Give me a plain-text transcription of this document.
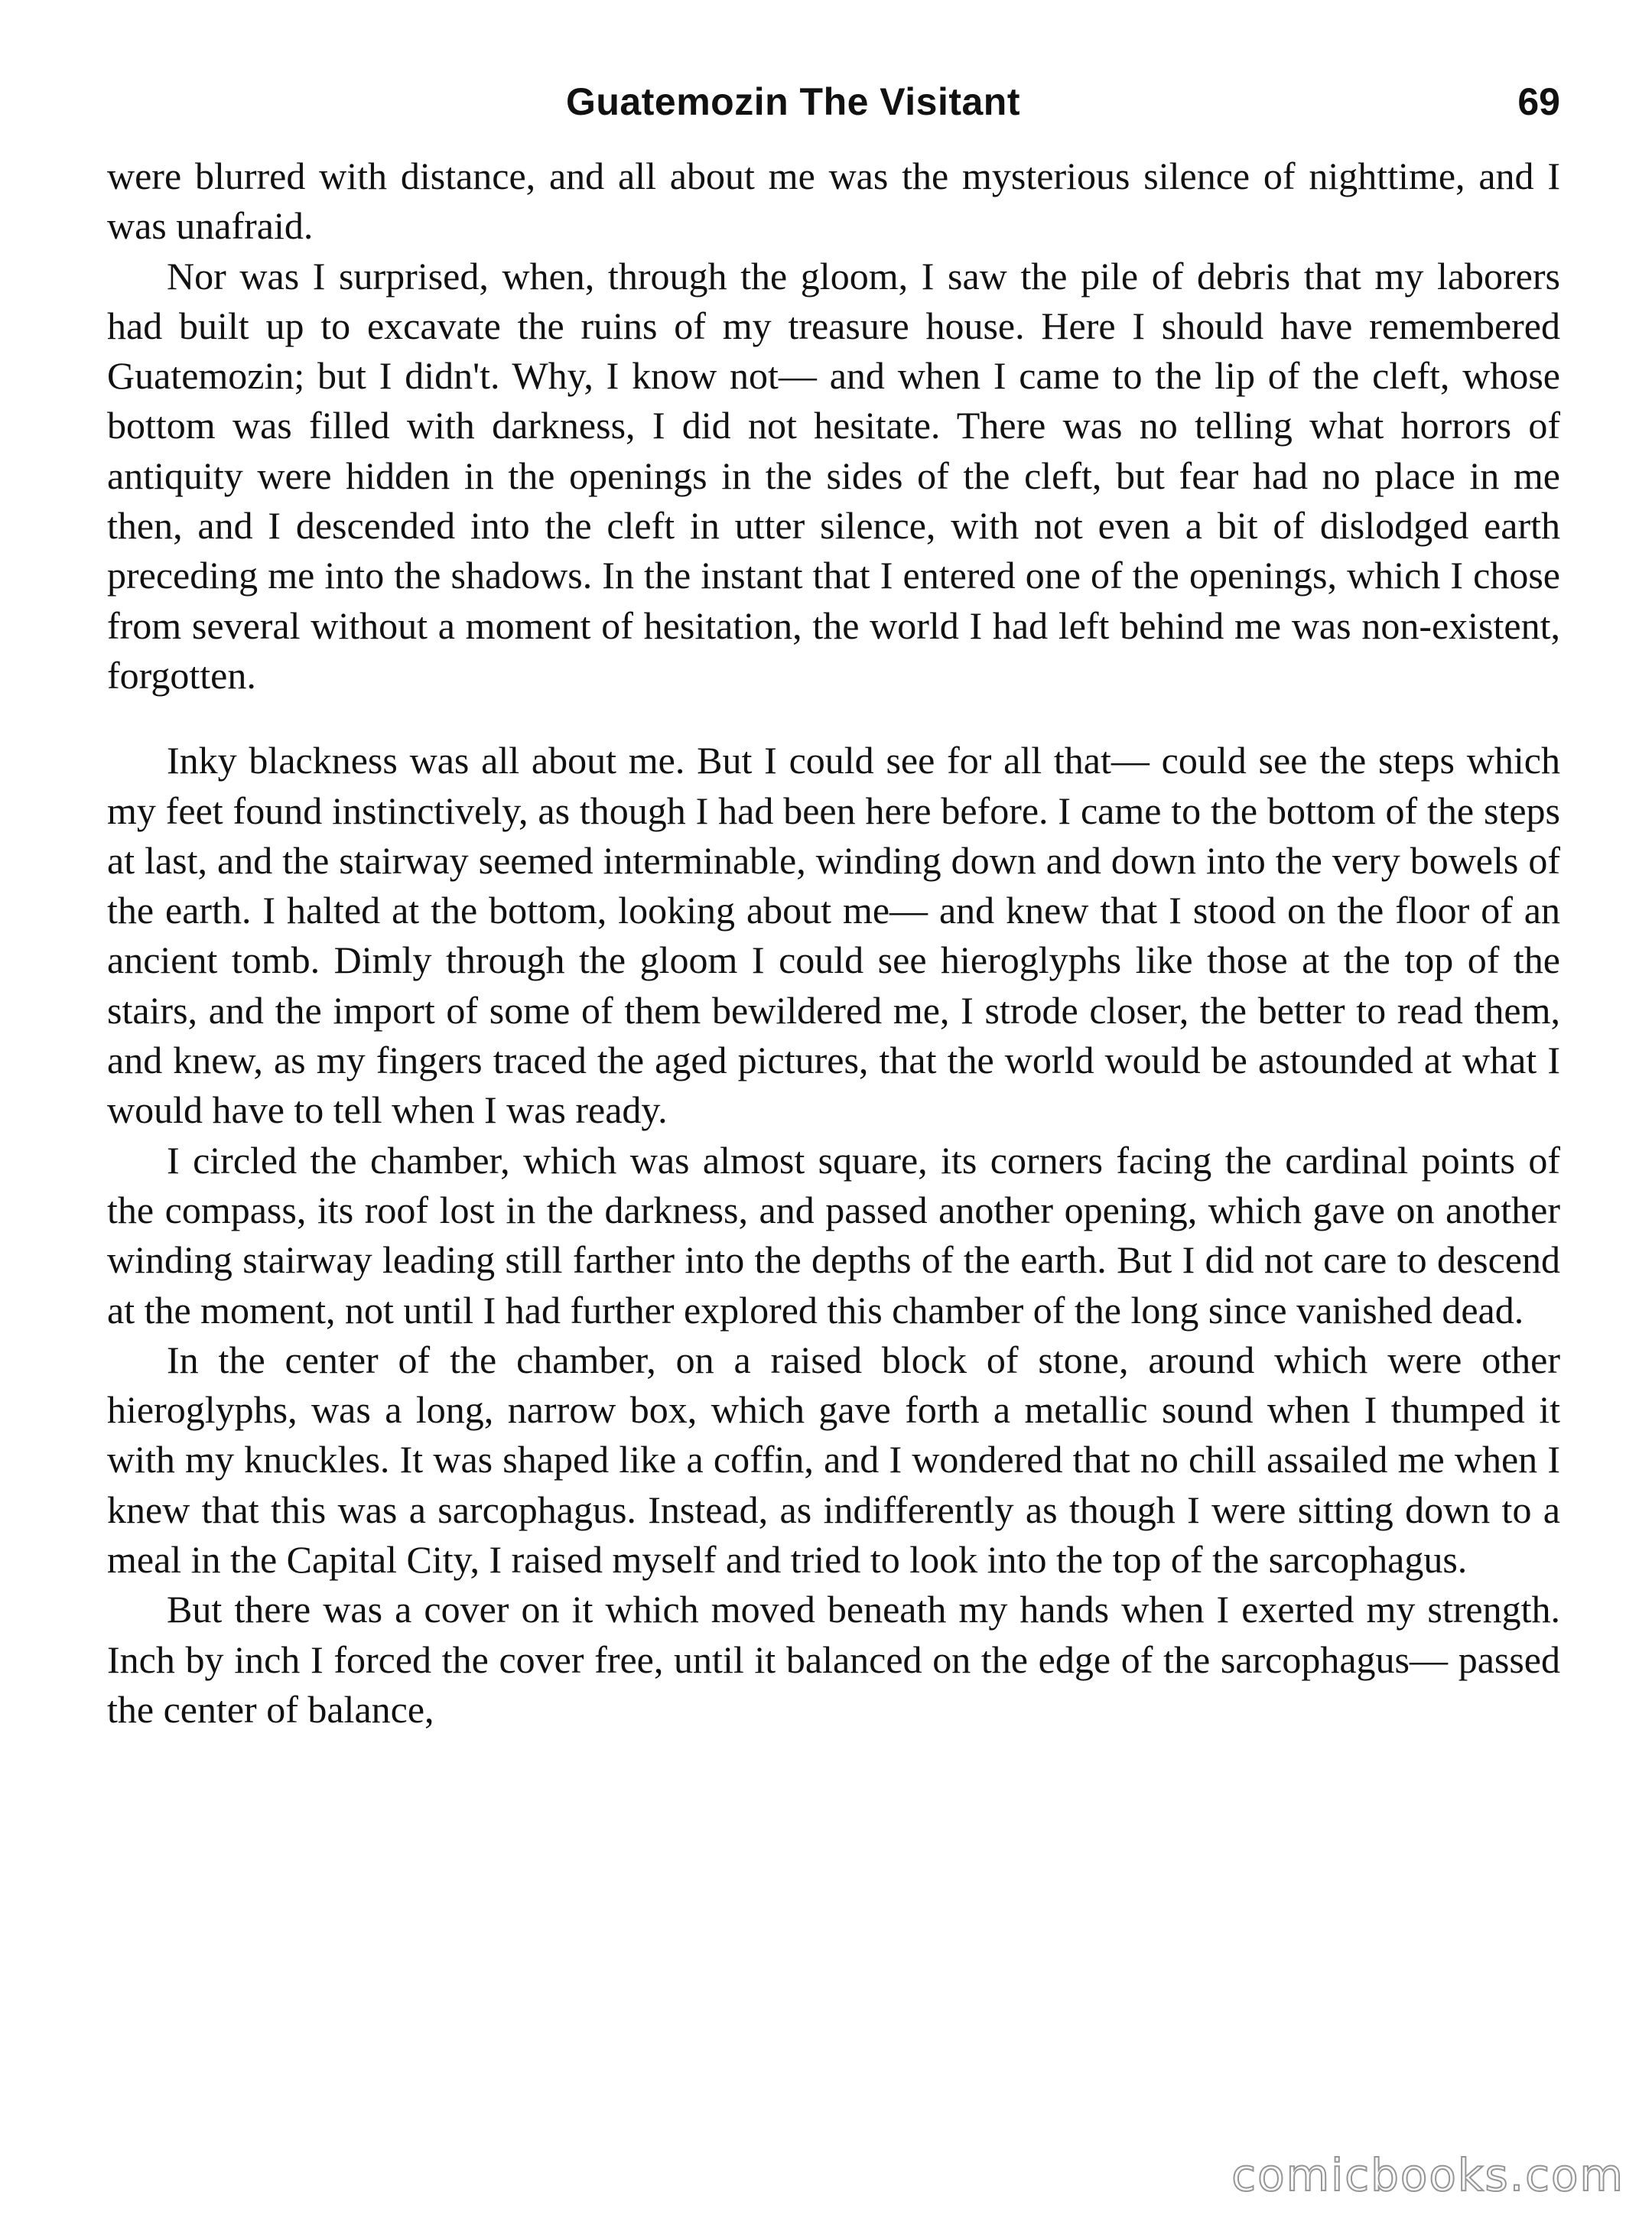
Guatemozin The Visitant	69

were blurred with distance, and all about me was the mysterious silence of nighttime, and I was unafraid.

Nor was I surprised, when, through the gloom, I saw the pile of debris that my laborers had built up to excavate the ruins of my treasure house. Here I should have remembered Guatemozin; but I didn't. Why, I know not— and when I came to the lip of the cleft, whose bottom was filled with darkness, I did not hesitate. There was no telling what horrors of antiquity were hidden in the openings in the sides of the cleft, but fear had no place in me then, and I descended into the cleft in utter silence, with not even a bit of dislodged earth preceding me into the shadows. In the instant that I entered one of the openings, which I chose from several without a moment of hesitation, the world I had left behind me was non-existent, forgotten.

Inky blackness was all about me. But I could see for all that— could see the steps which my feet found instinctively, as though I had been here before. I came to the bottom of the steps at last, and the stairway seemed interminable, winding down and down into the very bowels of the earth. I halted at the bottom, looking about me— and knew that I stood on the floor of an ancient tomb. Dimly through the gloom I could see hieroglyphs like those at the top of the stairs, and the import of some of them bewildered me, I strode closer, the better to read them, and knew, as my fingers traced the aged pictures, that the world would be astounded at what I would have to tell when I was ready.

I circled the chamber, which was almost square, its corners facing the cardinal points of the compass, its roof lost in the darkness, and passed another opening, which gave on another winding stairway leading still farther into the depths of the earth. But I did not care to descend at the moment, not until I had further explored this chamber of the long since vanished dead.

In the center of the chamber, on a raised block of stone, around which were other hieroglyphs, was a long, narrow box, which gave forth a metallic sound when I thumped it with my knuckles. It was shaped like a coffin, and I wondered that no chill assailed me when I knew that this was a sarcophagus. Instead, as indifferently as though I were sitting down to a meal in the Capital City, I raised myself and tried to look into the top of the sarcophagus.

But there was a cover on it which moved beneath my hands when I exerted my strength. Inch by inch I forced the cover free, until it balanced on the edge of the sarcophagus— passed the center of balance,

comicbooks.com
